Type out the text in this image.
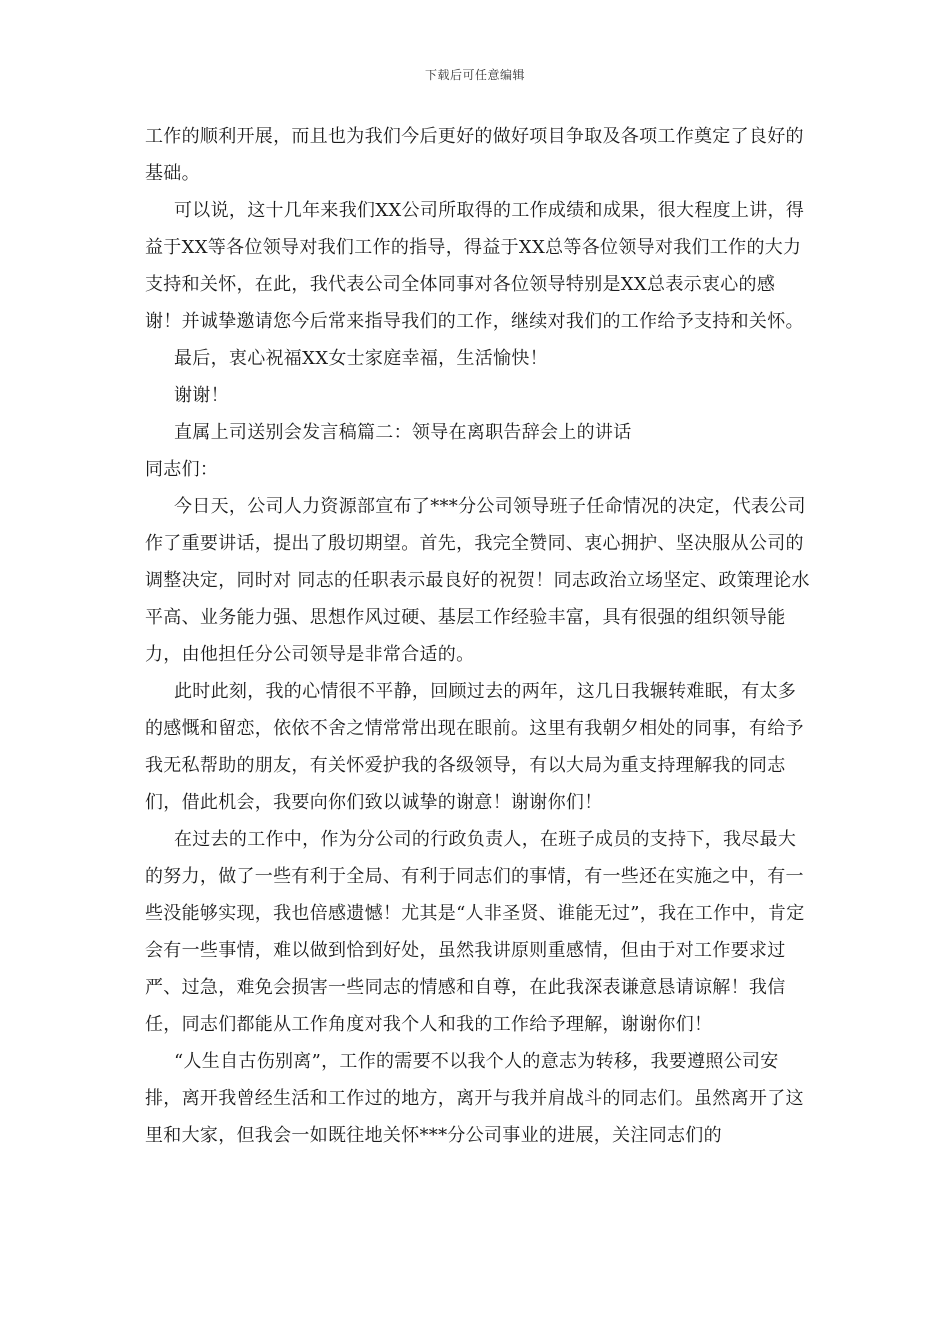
下载后可任意编辑

工作的顺利开展，而且也为我们今后更好的做好项目争取及各项工作奠定了良好的基础。

可以说，这十几年来我们XX公司所取得的工作成绩和成果，很大程度上讲，得益于XX等各位领导对我们工作的指导，得益于XX总等各位领导对我们工作的大力支持和关怀，在此，我代表公司全体同事对各位领导特别是XX总表示衷心的感谢！并诚挚邀请您今后常来指导我们的工作，继续对我们的工作给予支持和关怀。

最后，衷心祝福XX女士家庭幸福，生活愉快！

谢谢！

直属上司送别会发言稿篇二：领导在离职告辞会上的讲话

同志们：

今日天，公司人力资源部宣布了***分公司领导班子任命情况的决定，代表公司作了重要讲话，提出了殷切期望。首先，我完全赞同、衷心拥护、坚决服从公司的调整决定，同时对 同志的任职表示最良好的祝贺！同志政治立场坚定、政策理论水平高、业务能力强、思想作风过硬、基层工作经验丰富，具有很强的组织领导能力，由他担任分公司领导是非常合适的。

此时此刻，我的心情很不平静，回顾过去的两年，这几日我辗转难眠，有太多的感慨和留恋，依依不舍之情常常出现在眼前。这里有我朝夕相处的同事，有给予我无私帮助的朋友，有关怀爱护我的各级领导，有以大局为重支持理解我的同志们，借此机会，我要向你们致以诚挚的谢意！谢谢你们！

在过去的工作中，作为分公司的行政负责人，在班子成员的支持下，我尽最大的努力，做了一些有利于全局、有利于同志们的事情，有一些还在实施之中，有一些没能够实现，我也倍感遗憾！尤其是“人非圣贤、谁能无过”，我在工作中，肯定会有一些事情，难以做到恰到好处，虽然我讲原则重感情，但由于对工作要求过严、过急，难免会损害一些同志的情感和自尊，在此我深表谦意恳请谅解！我信任，同志们都能从工作角度对我个人和我的工作给予理解，谢谢你们！

“人生自古伤别离”，工作的需要不以我个人的意志为转移，我要遵照公司安排，离开我曾经生活和工作过的地方，离开与我并肩战斗的同志们。虽然离开了这里和大家，但我会一如既往地关怀***分公司事业的进展，关注同志们的
